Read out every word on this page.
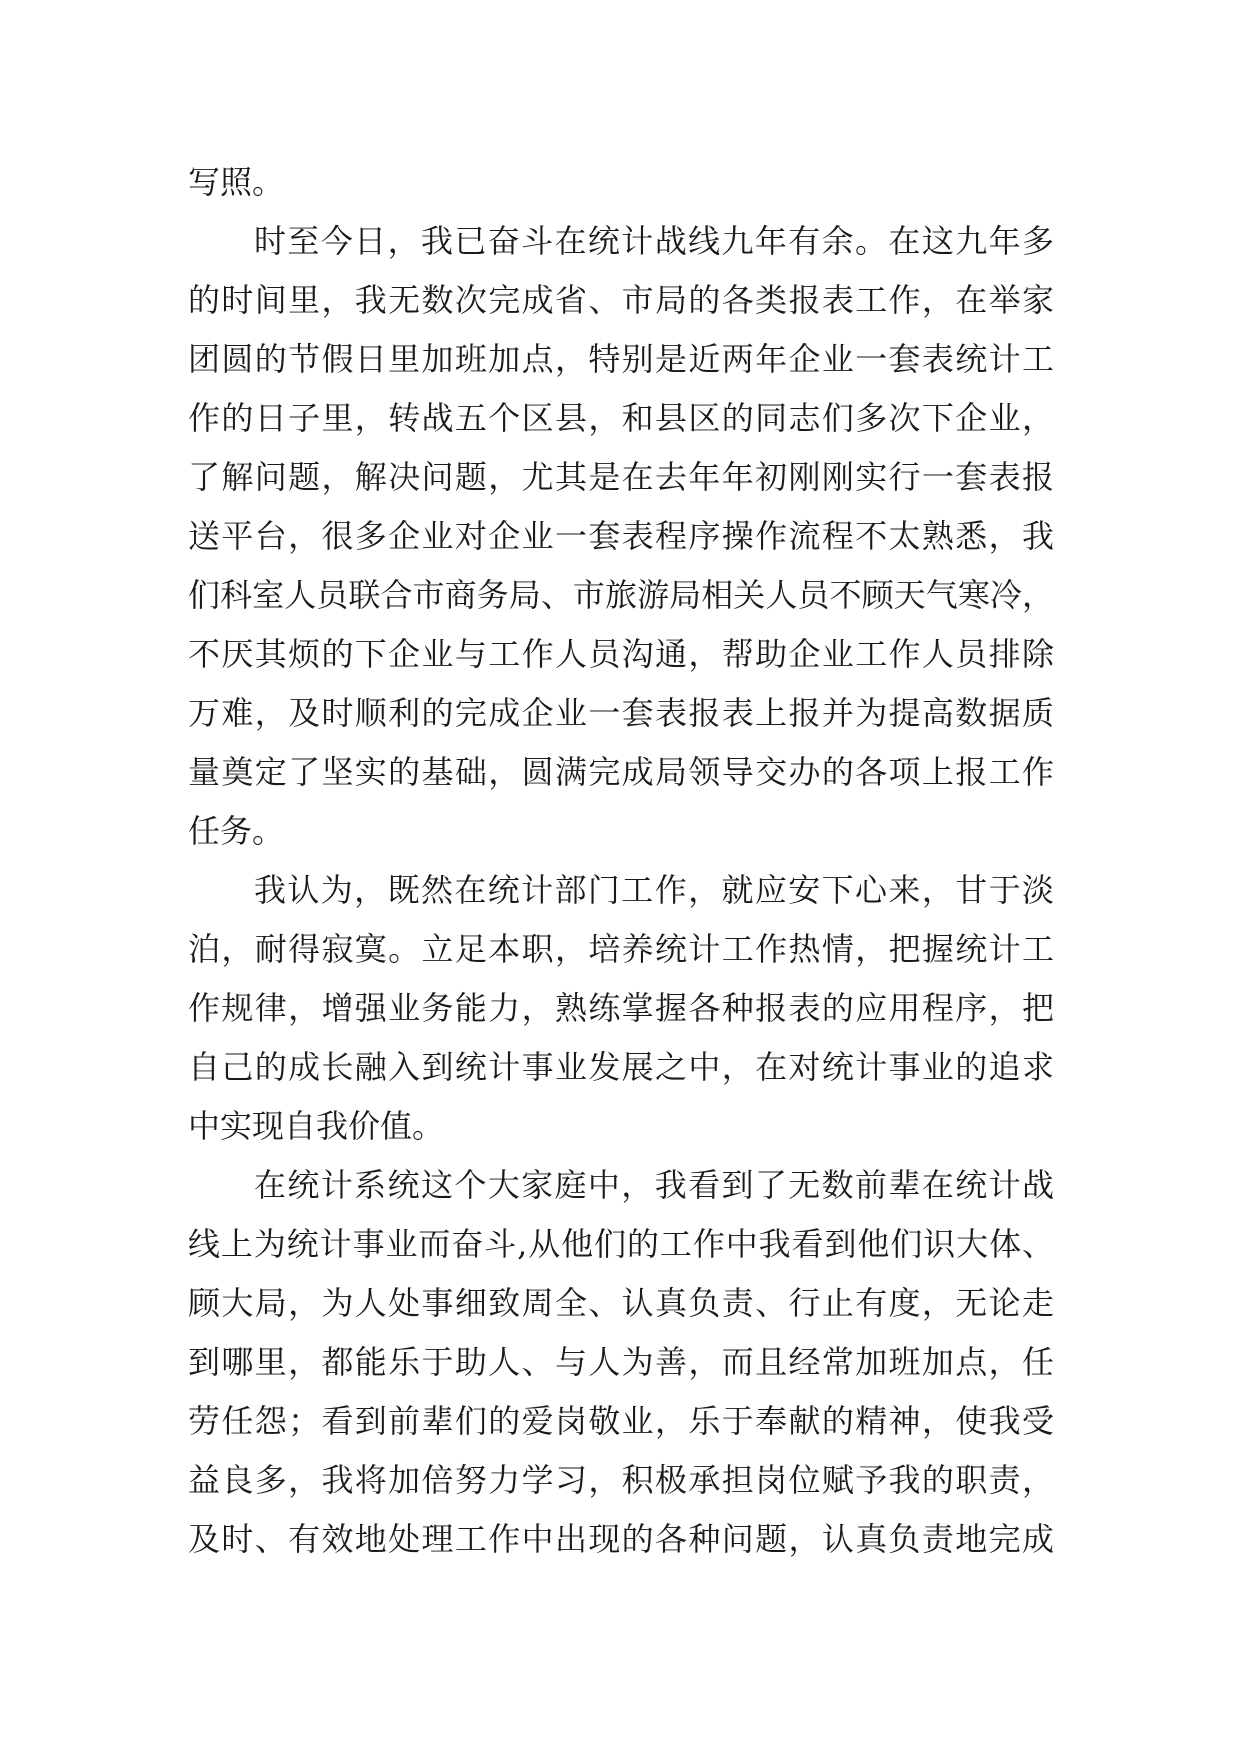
写照。
时至今日，我已奋斗在统计战线九年有余。在这九年多
的时间里，我无数次完成省、市局的各类报表工作，在举家
团圆的节假日里加班加点，特别是近两年企业一套表统计工
作的日子里，转战五个区县，和县区的同志们多次下企业，
了解问题，解决问题，尤其是在去年年初刚刚实行一套表报
送平台，很多企业对企业一套表程序操作流程不太熟悉，我
们科室人员联合市商务局、市旅游局相关人员不顾天气寒冷，
不厌其烦的下企业与工作人员沟通，帮助企业工作人员排除
万难，及时顺利的完成企业一套表报表上报并为提高数据质
量奠定了坚实的基础，圆满完成局领导交办的各项上报工作
任务。
我认为，既然在统计部门工作，就应安下心来，甘于淡
泊，耐得寂寞。立足本职，培养统计工作热情，把握统计工
作规律，增强业务能力，熟练掌握各种报表的应用程序，把
自己的成长融入到统计事业发展之中，在对统计事业的追求
中实现自我价值。
在统计系统这个大家庭中，我看到了无数前辈在统计战
线上为统计事业而奋斗,从他们的工作中我看到他们识大体、
顾大局，为人处事细致周全、认真负责、行止有度，无论走
到哪里，都能乐于助人、与人为善，而且经常加班加点，任
劳任怨；看到前辈们的爱岗敬业，乐于奉献的精神，使我受
益良多，我将加倍努力学习，积极承担岗位赋予我的职责，
及时、有效地处理工作中出现的各种问题，认真负责地完成
